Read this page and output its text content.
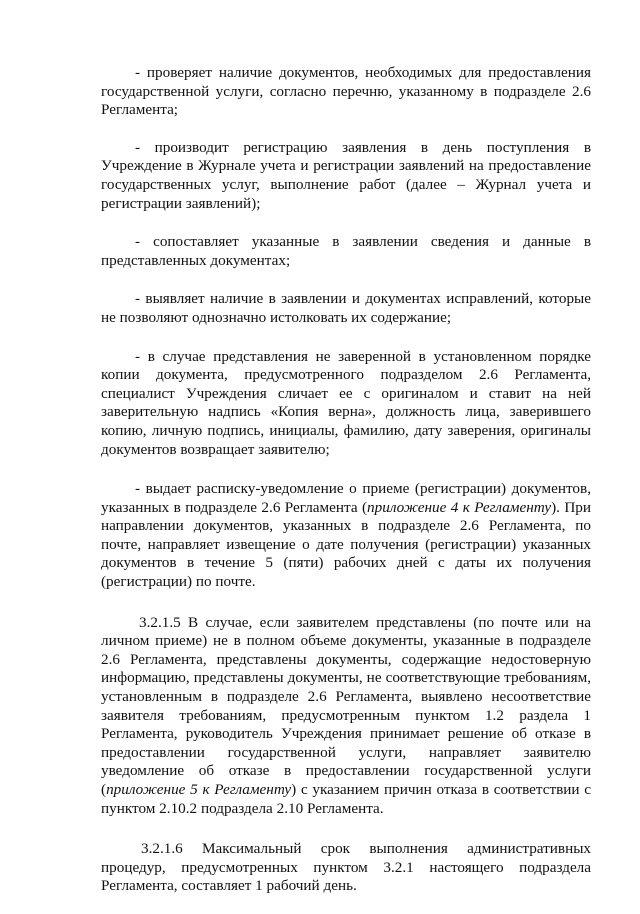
- проверяет наличие документов, необходимых для предоставления государственной услуги, согласно перечню, указанному в подразделе 2.6 Регламента;

- производит регистрацию заявления в день поступления в Учреждение в Журнале учета и регистрации заявлений на предоставление государственных услуг, выполнение работ (далее – Журнал учета и регистрации заявлений);

- сопоставляет указанные в заявлении сведения и данные в представленных документах;

- выявляет наличие в заявлении и документах исправлений, которые не позволяют однозначно истолковать их содержание;

- в случае представления не заверенной в установленном порядке копии документа, предусмотренного подразделом 2.6 Регламента, специалист Учреждения сличает ее с оригиналом и ставит на ней заверительную надпись «Копия верна», должность лица, заверившего копию, личную подпись, инициалы, фамилию, дату заверения, оригиналы документов возвращает заявителю;

- выдает расписку-уведомление о приеме (регистрации) документов, указанных в подразделе 2.6 Регламента (приложение 4 к Регламенту). При направлении документов, указанных в подразделе 2.6 Регламента, по почте, направляет извещение о дате получения (регистрации) указанных документов в течение 5 (пяти) рабочих дней с даты их получения (регистрации) по почте.

3.2.1.5 В случае, если заявителем представлены (по почте или на личном приеме) не в полном объеме документы, указанные в подразделе 2.6 Регламента, представлены документы, содержащие недостоверную информацию, представлены документы, не соответствующие требованиям, установленным в подразделе 2.6 Регламента, выявлено несоответствие заявителя требованиям, предусмотренным пунктом 1.2 раздела 1 Регламента, руководитель Учреждения принимает решение об отказе в предоставлении государственной услуги, направляет заявителю уведомление об отказе в предоставлении государственной услуги (приложение 5 к Регламенту) с указанием причин отказа в соответствии с пунктом 2.10.2 подраздела 2.10 Регламента.

3.2.1.6 Максимальный срок выполнения административных процедур, предусмотренных пунктом 3.2.1 настоящего подраздела Регламента, составляет 1 рабочий день.
